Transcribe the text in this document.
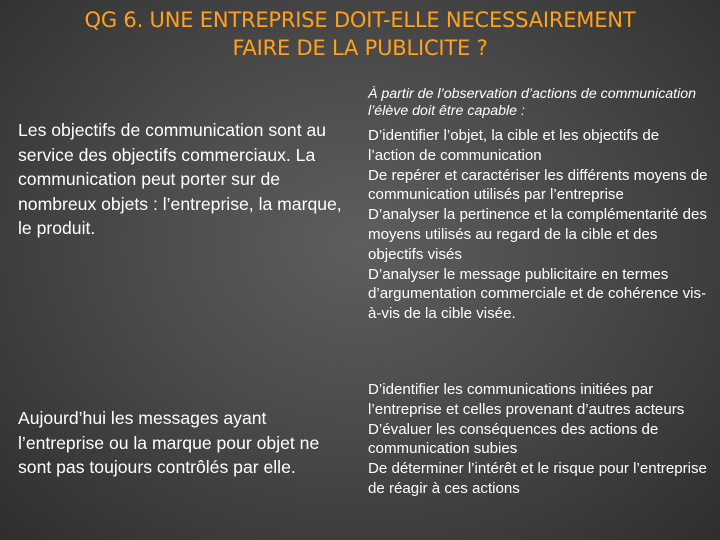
QG 6. UNE ENTREPRISE DOIT-ELLE NECESSAIREMENT
FAIRE DE LA PUBLICITE ?
Les objectifs de communication sont au service des objectifs commerciaux. La communication peut porter sur de nombreux objets : l’entreprise, la marque, le produit.
Aujourd’hui les messages ayant l’entreprise ou la marque pour objet ne sont pas toujours contrôlés par elle.
À partir de l’observation d’actions de communication l’élève doit être capable :
D’identifier l’objet, la cible et les objectifs de l’action de communication
De repérer et caractériser les différents moyens de communication utilisés par l’entreprise
D’analyser la pertinence et la complémentarité des moyens utilisés au regard de la cible et des objectifs visés
D’analyser le message publicitaire en termes d’argumentation commerciale et de cohérence vis-à-vis de la cible visée.
D’identifier les communications initiées par l’entreprise et celles provenant d’autres acteurs
D’évaluer les conséquences des actions de communication subies
De déterminer l’intérêt et le risque pour l’entreprise de réagir à ces actions
